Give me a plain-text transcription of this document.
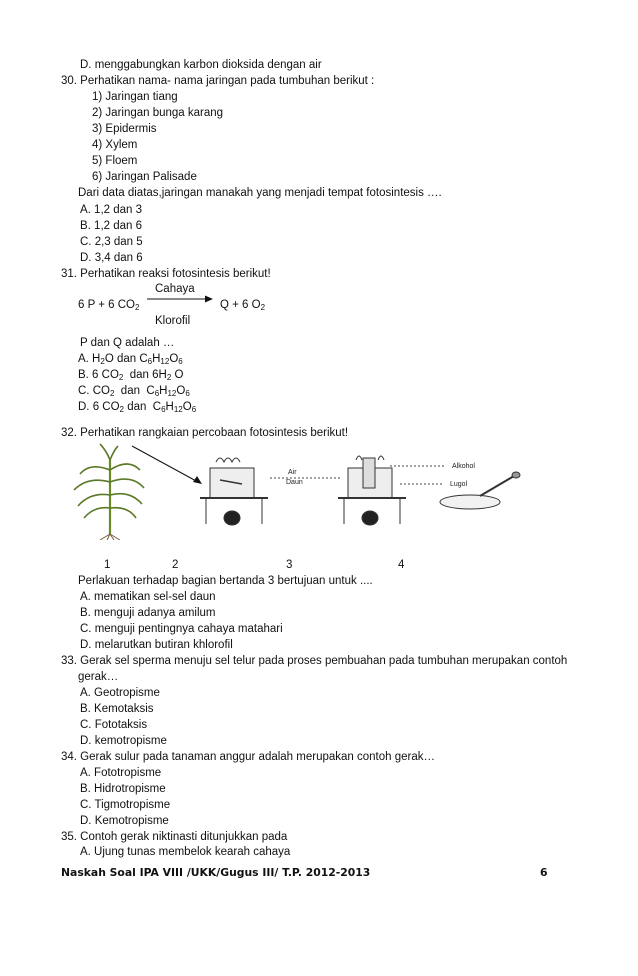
D. menggabungkan karbon dioksida dengan air
30. Perhatikan nama- nama jaringan pada tumbuhan berikut :
1) Jaringan tiang
2) Jaringan bunga karang
3) Epidermis
4) Xylem
5) Floem
6) Jaringan Palisade
Dari data diatas,jaringan manakah yang menjadi tempat fotosintesis ….
A. 1,2 dan 3
B. 1,2 dan 6
C. 2,3 dan 5
D. 3,4 dan 6
31. Perhatikan reaksi fotosintesis berikut!
Cahaya
6 P + 6 $CO_2$	Q + 6 $O_2$
Klorofil
P dan Q adalah …
A. $H_2O$ dan $C_6H_{12}O_6$
B. 6 $CO_2$  dan $6H_2$ O
C. $CO_2$  dan  $C_6H_{12}O_6$
D. 6 $CO_2$ dan  $C_6H_{12}O_6$
32. Perhatikan rangkaian percobaan fotosintesis berikut!
Air
Daun
Alkohol
Lugol
1	2	3	4
Perlakuan terhadap bagian bertanda 3 bertujuan untuk ....
A. mematikan sel-sel daun
B. menguji adanya amilum
C. menguji pentingnya cahaya matahari
D. melarutkan butiran khlorofil
33. Gerak sel sperma menuju sel telur pada proses pembuahan pada tumbuhan merupakan contoh
gerak…
A. Geotropisme
B. Kemotaksis
C. Fototaksis
D. kemotropisme
34. Gerak sulur pada tanaman anggur adalah merupakan contoh gerak…
A. Fototropisme
B. Hidrotropisme
C. Tigmotropisme
D. Kemotropisme
35. Contoh gerak niktinasti ditunjukkan pada
A. Ujung tunas membelok kearah cahaya
Naskah Soal IPA VIII /UKK/Gugus III/ T.P. 2012-2013	6
